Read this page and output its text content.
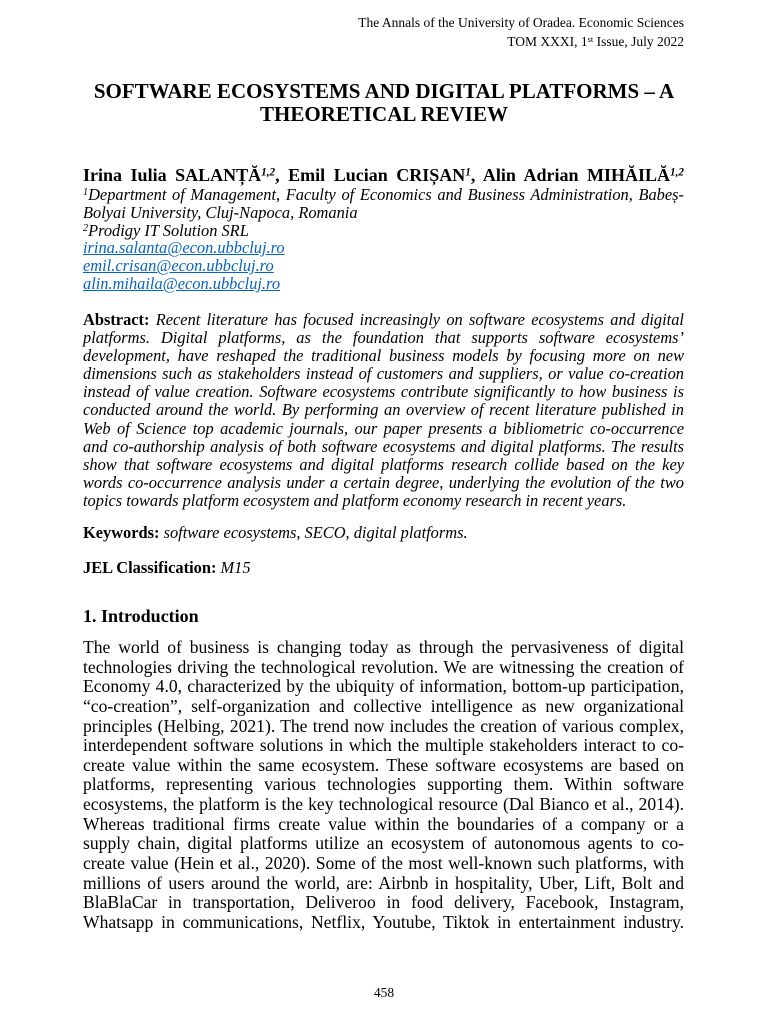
The Annals of the University of Oradea. Economic Sciences
TOM XXXI, 1st Issue, July 2022
SOFTWARE ECOSYSTEMS AND DIGITAL PLATFORMS – A
THEORETICAL REVIEW
Irina Iulia SALANȚĂ$^{1,2}$, Emil Lucian CRIȘAN$^1$, Alin Adrian MIHĂILĂ$^{1,2}$
$^1$Department of Management, Faculty of Economics and Business Administration, Babeș-
Bolyai University, Cluj-Napoca, Romania
$^2$Prodigy IT Solution SRL
irina.salanta@econ.ubbcluj.ro
emil.crisan@econ.ubbcluj.ro
alin.mihaila@econ.ubbcluj.ro
Abstract: Recent literature has focused increasingly on software ecosystems and digital
platforms. Digital platforms, as the foundation that supports software ecosystems’
development, have reshaped the traditional business models by focusing more on new
dimensions such as stakeholders instead of customers and suppliers, or value co-creation
instead of value creation. Software ecosystems contribute significantly to how business is
conducted around the world. By performing an overview of recent literature published in
Web of Science top academic journals, our paper presents a bibliometric co-occurrence
and co-authorship analysis of both software ecosystems and digital platforms. The results
show that software ecosystems and digital platforms research collide based on the key
words co-occurrence analysis under a certain degree, underlying the evolution of the two
topics towards platform ecosystem and platform economy research in recent years.
Keywords: software ecosystems, SECO, digital platforms.
JEL Classification: M15
1. Introduction
The world of business is changing today as through the pervasiveness of digital
technologies driving the technological revolution. We are witnessing the creation of
Economy 4.0, characterized by the ubiquity of information, bottom-up participation,
“co-creation”, self-organization and collective intelligence as new organizational
principles (Helbing, 2021). The trend now includes the creation of various complex,
interdependent software solutions in which the multiple stakeholders interact to co-
create value within the same ecosystem. These software ecosystems are based on
platforms, representing various technologies supporting them. Within software
ecosystems, the platform is the key technological resource (Dal Bianco et al., 2014).
Whereas traditional firms create value within the boundaries of a company or a
supply chain, digital platforms utilize an ecosystem of autonomous agents to co-
create value (Hein et al., 2020). Some of the most well-known such platforms, with
millions of users around the world, are: Airbnb in hospitality, Uber, Lift, Bolt and
BlaBlaCar in transportation, Deliveroo in food delivery, Facebook, Instagram,
Whatsapp in communications, Netflix, Youtube, Tiktok in entertainment industry.
458
